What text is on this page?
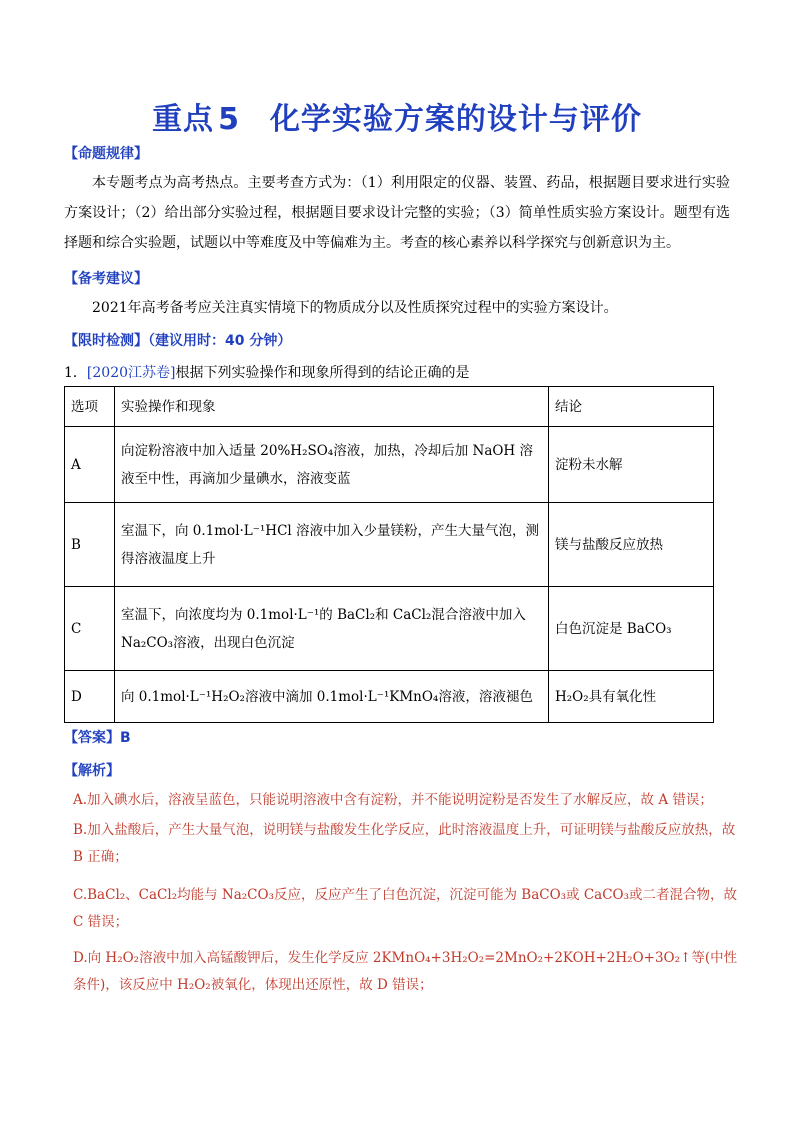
重点 5 化学实验方案的设计与评价
【命题规律】
本专题考点为高考热点。主要考查方式为：（1）利用限定的仪器、装置、药品，根据题目要求进行实验方案设计；（2）给出部分实验过程，根据题目要求设计完整的实验；（3）简单性质实验方案设计。题型有选择题和综合实验题，试题以中等难度及中等偏难为主。考查的核心素养以科学探究与创新意识为主。
【备考建议】
2021年高考备考应关注真实情境下的物质成分以及性质探究过程中的实验方案设计。
【限时检测】（建议用时：40 分钟）
1．[2020江苏卷]根据下列实验操作和现象所得到的结论正确的是
选项	实验操作和现象	结论
A	向淀粉溶液中加入适量 20%H₂SO₄溶液，加热，冷却后加 NaOH 溶液至中性，再滴加少量碘水，溶液变蓝	淀粉未水解
B	室温下，向 0.1mol·L⁻¹HCl 溶液中加入少量镁粉，产生大量气泡，测得溶液温度上升	镁与盐酸反应放热
C	室温下，向浓度均为 0.1mol·L⁻¹的 BaCl₂和 CaCl₂混合溶液中加入 Na₂CO₃溶液，出现白色沉淀	白色沉淀是 BaCO₃
D	向 0.1mol·L⁻¹H₂O₂溶液中滴加 0.1mol·L⁻¹KMnO₄溶液，溶液褪色	H₂O₂具有氧化性
【答案】B
【解析】
A.加入碘水后，溶液呈蓝色，只能说明溶液中含有淀粉，并不能说明淀粉是否发生了水解反应，故 A 错误；
B.加入盐酸后，产生大量气泡，说明镁与盐酸发生化学反应，此时溶液温度上升，可证明镁与盐酸反应放热，故 B 正确；
C.BaCl₂、CaCl₂均能与 Na₂CO₃反应，反应产生了白色沉淀，沉淀可能为 BaCO₃或 CaCO₃或二者混合物，故 C 错误；
D.向 H₂O₂溶液中加入高锰酸钾后，发生化学反应 2KMnO₄+3H₂O₂=2MnO₂+2KOH+2H₂O+3O₂↑等(中性条件)，该反应中 H₂O₂被氧化，体现出还原性，故 D 错误；
